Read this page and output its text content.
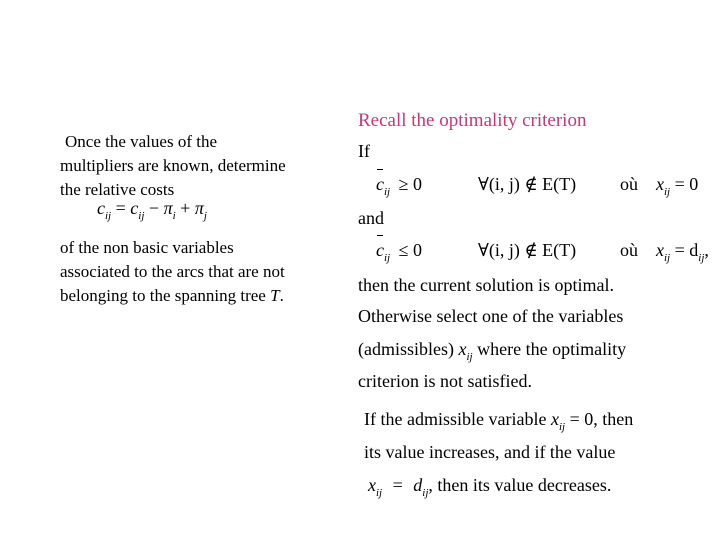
Once the values of the
multipliers are known, determine
the relative costs
$c_{ij} = c_{ij} - \pi_i + \pi_j$
of the non basic variables
associated to the arcs that are not
belonging to the spanning tree T.
Recall the optimality criterion
If
$c_{ij} \ge 0$	∀(i, j) ∉ E(T) où $x_{ij} = 0$
and
$c_{ij} \le 0$	∀(i, j) ∉ E(T) où $x_{ij} = d_{ij}$,
then the current solution is optimal.
Otherwise select one of the variables
(admissibles) $x_{ij}$ where the optimality
criterion is not satisfied.
If the admissible variable $x_{ij} = 0$, then
its value increases, and if the value
$x_{ij} = d_{ij}$, then its value decreases.
